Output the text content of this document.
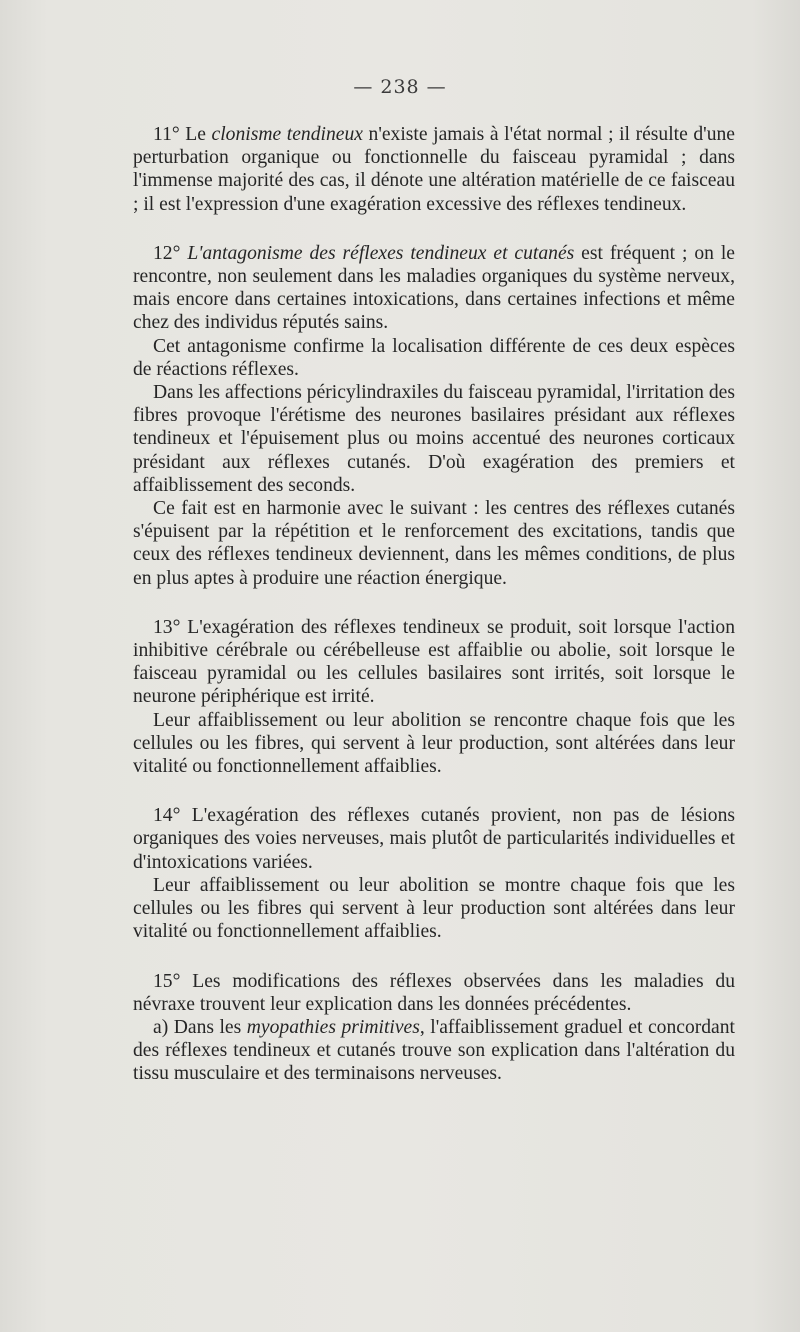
— 238 —

11° Le clonisme tendineux n'existe jamais à l'état normal ; il résulte d'une perturbation organique ou fonctionnelle du faisceau pyramidal ; dans l'immense majorité des cas, il dénote une altération matérielle de ce faisceau ; il est l'expression d'une exagération excessive des réflexes tendineux.

12° L'antagonisme des réflexes tendineux et cutanés est fréquent ; on le rencontre, non seulement dans les maladies organiques du système nerveux, mais encore dans certaines intoxications, dans certaines infections et même chez des individus réputés sains.

Cet antagonisme confirme la localisation différente de ces deux espèces de réactions réflexes.

Dans les affections péricylindraxiles du faisceau pyramidal, l'irritation des fibres provoque l'érétisme des neurones basilaires présidant aux réflexes tendineux et l'épuisement plus ou moins accentué des neurones corticaux présidant aux réflexes cutanés. D'où exagération des premiers et affaiblissement des seconds.

Ce fait est en harmonie avec le suivant : les centres des réflexes cutanés s'épuisent par la répétition et le renforcement des excitations, tandis que ceux des réflexes tendineux deviennent, dans les mêmes conditions, de plus en plus aptes à produire une réaction énergique.

13° L'exagération des réflexes tendineux se produit, soit lorsque l'action inhibitive cérébrale ou cérébelleuse est affaiblie ou abolie, soit lorsque le faisceau pyramidal ou les cellules basilaires sont irrités, soit lorsque le neurone périphérique est irrité.

Leur affaiblissement ou leur abolition se rencontre chaque fois que les cellules ou les fibres, qui servent à leur production, sont altérées dans leur vitalité ou fonctionnellement affaiblies.

14° L'exagération des réflexes cutanés provient, non pas de lésions organiques des voies nerveuses, mais plutôt de particularités individuelles et d'intoxications variées.

Leur affaiblissement ou leur abolition se montre chaque fois que les cellules ou les fibres qui servent à leur production sont altérées dans leur vitalité ou fonctionnellement affaiblies.

15° Les modifications des réflexes observées dans les maladies du névraxe trouvent leur explication dans les données précédentes.

a) Dans les myopathies primitives, l'affaiblissement graduel et concordant des réflexes tendineux et cutanés trouve son explication dans l'altération du tissu musculaire et des terminaisons nerveuses.
